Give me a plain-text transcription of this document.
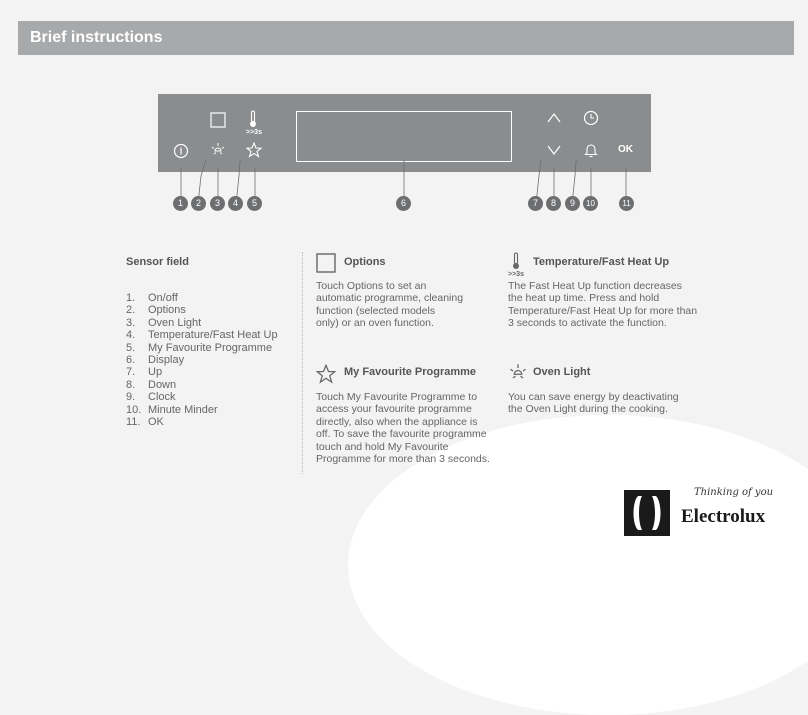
Brief instructions
>>3s
OK
1	2	3	4	5	6	7	8	9	10	11
Sensor field
1.	On/off
2.	Options
3.	Oven Light
4.	Temperature/Fast Heat Up
5.	My Favourite Programme
6.	Display
7.	Up
8.	Down
9.	Clock
10. Minute Minder
11. OK
Options
Touch Options to set an
automatic programme, cleaning
function (selected models
only) or an oven function.
>>3s
Temperature/Fast Heat Up
The Fast Heat Up function decreases
the heat up time. Press and hold
Temperature/Fast Heat Up for more than
3 seconds to activate the function.
My Favourite Programme
Touch My Favourite Programme to
access your favourite programme
directly, also when the appliance is
off. To save the favourite programme
touch and hold My Favourite
Programme for more than 3 seconds.
Oven Light
You can save energy by deactivating
the Oven Light during the cooking.
Thinking of you
Electrolux
